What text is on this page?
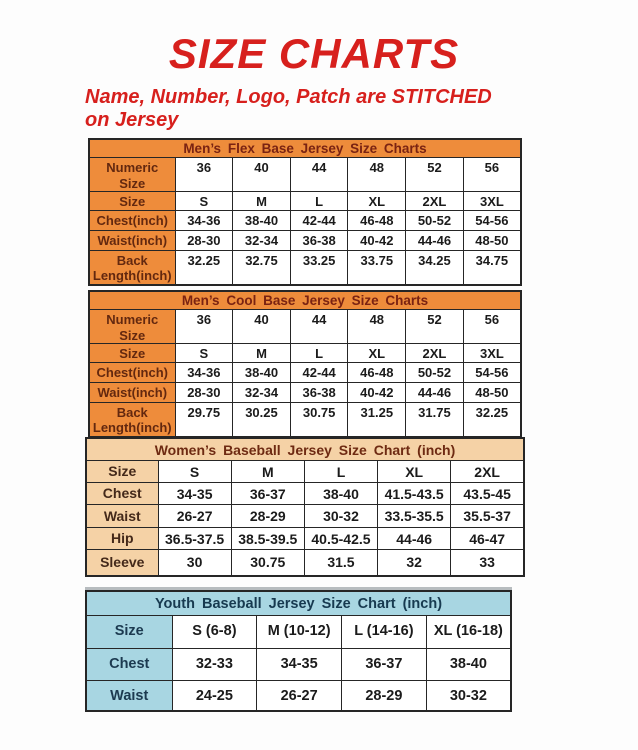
SIZE CHARTS

Name, Number, Logo, Patch are STITCHED
on Jersey

Men’s Flex Base Jersey Size Charts						
Numeric Size	36	40	44	48	52	56
Size	S	M	L	XL	2XL	3XL
Chest(inch)	34-36	38-40	42-44	46-48	50-52	54-56
Waist(inch)	28-30	32-34	36-38	40-42	44-46	48-50
Back Length(inch)	32.25	32.75	33.25	33.75	34.25	34.75
Men’s Cool Base Jersey Size Charts						
Numeric Size	36	40	44	48	52	56
Size	S	M	L	XL	2XL	3XL
Chest(inch)	34-36	38-40	42-44	46-48	50-52	54-56
Waist(inch)	28-30	32-34	36-38	40-42	44-46	48-50
Back Length(inch)	29.75	30.25	30.75	31.25	31.75	32.25
Women’s Baseball Jersey Size Chart (inch)					
Size	S	M	L	XL	2XL
Chest	34-35	36-37	38-40	41.5-43.5	43.5-45
Waist	26-27	28-29	30-32	33.5-35.5	35.5-37
Hip	36.5-37.5	38.5-39.5	40.5-42.5	44-46	46-47
Sleeve	30	30.75	31.5	32	33
Youth Baseball Jersey Size Chart (inch)				
Size	S (6-8)	M (10-12)	L (14-16)	XL (16-18)
Chest	32-33	34-35	36-37	38-40
Waist	24-25	26-27	28-29	30-32
